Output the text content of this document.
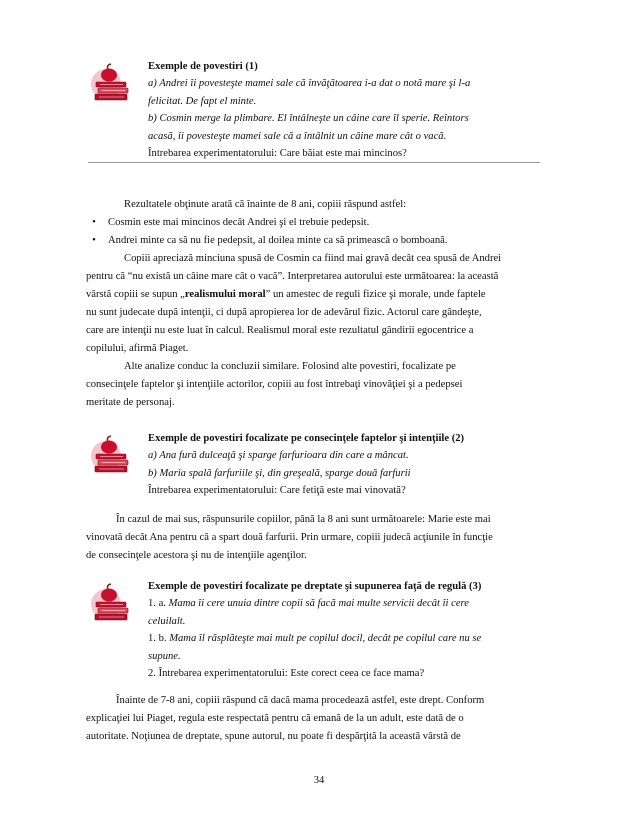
Exemple de povestiri (1)
a) Andrei îi povesteşte mamei sale că învăţătoarea i-a dat o notă mare şi l-a
felicitat. De fapt el minte.
b) Cosmin merge la plimbare. El întâlneşte un câine care îl sperie. Reîntors
acasă, îi povesteşte mamei sale că a întâlnit un câine mare cât o vacă.
Întrebarea experimentatorului: Care băiat este mai mincinos?
Rezultatele obţinute arată că înainte de 8 ani, copiii răspund astfel:
•	Cosmin este mai mincinos decât Andrei şi el trebuie pedepsit.
•	Andrei minte ca să nu fie pedepsit, al doilea minte ca să primească o bomboană.
Copiii apreciază minciuna spusă de Cosmin ca fiind mai gravă decât cea spusă de Andrei
pentru că “nu există un câine mare cât o vacă”. Interpretarea autorului este următoarea: la această
vârstă copiii se supun „realismului moral” un amestec de reguli fizice şi morale, unde faptele
nu sunt judecate după intenţii, ci după apropierea lor de adevărul fizic. Actorul care gândeşte,
care are intenţii nu este luat în calcul. Realismul moral este rezultatul gândirii egocentrice a
copilului, afirmă Piaget.
Alte analize conduc la concluzii similare. Folosind alte povestiri, focalizate pe
consecinţele faptelor şi intenţiile actorilor, copiii au fost întrebaţi vinovăţiei şi a pedepsei
meritate de personaj.
Exemple de povestiri focalizate pe consecinţele faptelor şi intenţiile (2)
a) Ana fură dulceaţă şi sparge farfurioara din care a mâncat.
b) Maria spală farfuriile şi, din greşeală, sparge două farfurii
Întrebarea experimentatorului: Care fetiţă este mai vinovată?
În cazul de mai sus, răspunsurile copiilor, până la 8 ani sunt următoarele: Marie este mai
vinovată decât Ana pentru că a spart două farfurii. Prin urmare, copiii judecă acţiunile în funcţie
de consecinţele acestora şi nu de intenţiile agenţilor.
Exemple de povestiri focalizate pe dreptate şi supunerea faţă de regulă (3)
1. a. Mama îi cere unuia dintre copii să facă mai multe servicii decât îi cere
celuilalt.
1. b. Mama îl răsplăteşte mai mult pe copilul docil, decât pe copilul care nu se
supune.
2. Întrebarea experimentatorului: Este corect ceea ce face mama?
Înainte de 7-8 ani, copiii răspund că dacă mama procedează astfel, este drept. Conform
explicaţiei lui Piaget, regula este respectată pentru că emană de la un adult, este dată de o
autoritate. Noţiunea de dreptate, spune autorul, nu poate fi despărţită la această vârstă de
34
